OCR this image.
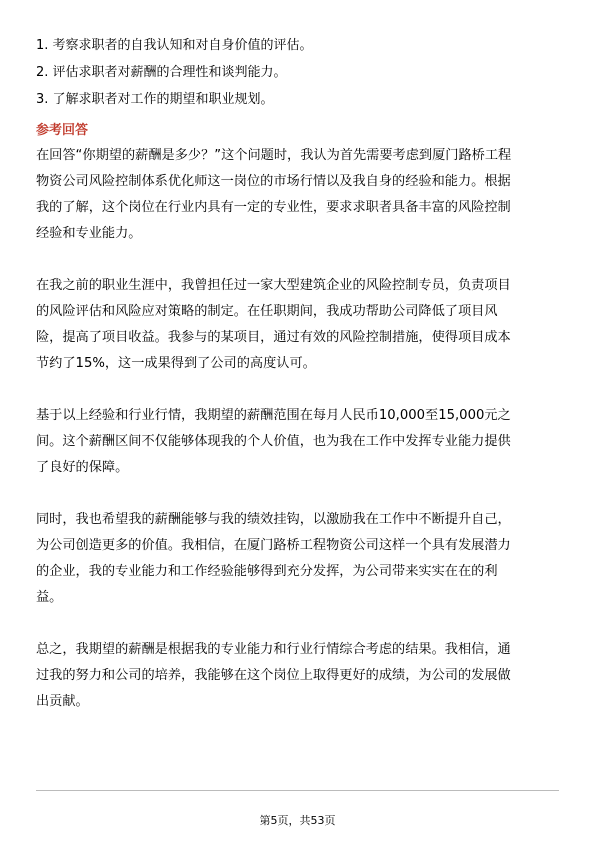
1. 考察求职者的自我认知和对自身价值的评估。
2. 评估求职者对薪酬的合理性和谈判能力。
3. 了解求职者对工作的期望和职业规划。
参考回答
在回答“你期望的薪酬是多少？”这个问题时，我认为首先需要考虑到厦门路桥工程
物资公司风险控制体系优化师这一岗位的市场行情以及我自身的经验和能力。根据
我的了解，这个岗位在行业内具有一定的专业性，要求求职者具备丰富的风险控制
经验和专业能力。
在我之前的职业生涯中，我曾担任过一家大型建筑企业的风险控制专员，负责项目
的风险评估和风险应对策略的制定。在任职期间，我成功帮助公司降低了项目风
险，提高了项目收益。我参与的某项目，通过有效的风险控制措施，使得项目成本
节约了15%，这一成果得到了公司的高度认可。
基于以上经验和行业行情，我期望的薪酬范围在每月人民币10,000至15,000元之
间。这个薪酬区间不仅能够体现我的个人价值，也为我在工作中发挥专业能力提供
了良好的保障。
同时，我也希望我的薪酬能够与我的绩效挂钩，以激励我在工作中不断提升自己，
为公司创造更多的价值。我相信，在厦门路桥工程物资公司这样一个具有发展潜力
的企业，我的专业能力和工作经验能够得到充分发挥，为公司带来实实在在的利
益。
总之，我期望的薪酬是根据我的专业能力和行业行情综合考虑的结果。我相信，通
过我的努力和公司的培养，我能够在这个岗位上取得更好的成绩，为公司的发展做
出贡献。
第5页，共53页
